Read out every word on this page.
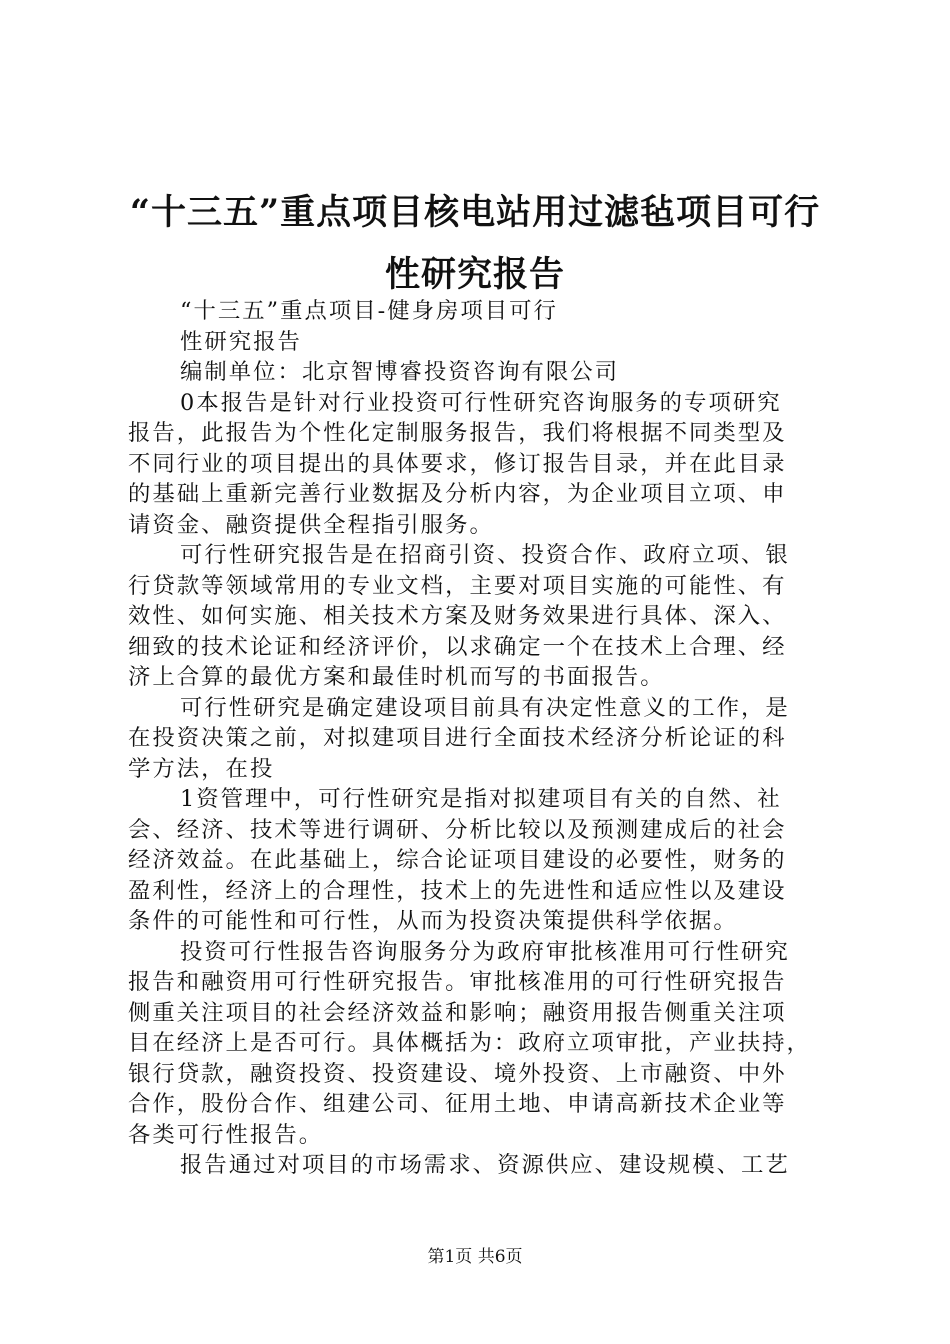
“十三五”重点项目核电站用过滤毡项目可行
性研究报告
“十三五”重点项目-健身房项目可行
性研究报告
编制单位：北京智博睿投资咨询有限公司
0本报告是针对行业投资可行性研究咨询服务的专项研究
报告，此报告为个性化定制服务报告，我们将根据不同类型及
不同行业的项目提出的具体要求，修订报告目录，并在此目录
的基础上重新完善行业数据及分析内容，为企业项目立项、申
请资金、融资提供全程指引服务。
可行性研究报告是在招商引资、投资合作、政府立项、银
行贷款等领域常用的专业文档，主要对项目实施的可能性、有
效性、如何实施、相关技术方案及财务效果进行具体、深入、
细致的技术论证和经济评价，以求确定一个在技术上合理、经
济上合算的最优方案和最佳时机而写的书面报告。
可行性研究是确定建设项目前具有决定性意义的工作，是
在投资决策之前，对拟建项目进行全面技术经济分析论证的科
学方法，在投
1资管理中，可行性研究是指对拟建项目有关的自然、社
会、经济、技术等进行调研、分析比较以及预测建成后的社会
经济效益。在此基础上，综合论证项目建设的必要性，财务的
盈利性，经济上的合理性，技术上的先进性和适应性以及建设
条件的可能性和可行性，从而为投资决策提供科学依据。
投资可行性报告咨询服务分为政府审批核准用可行性研究
报告和融资用可行性研究报告。审批核准用的可行性研究报告
侧重关注项目的社会经济效益和影响；融资用报告侧重关注项
目在经济上是否可行。具体概括为：政府立项审批，产业扶持，
银行贷款，融资投资、投资建设、境外投资、上市融资、中外
合作，股份合作、组建公司、征用土地、申请高新技术企业等
各类可行性报告。
报告通过对项目的市场需求、资源供应、建设规模、工艺
第1页 共6页
